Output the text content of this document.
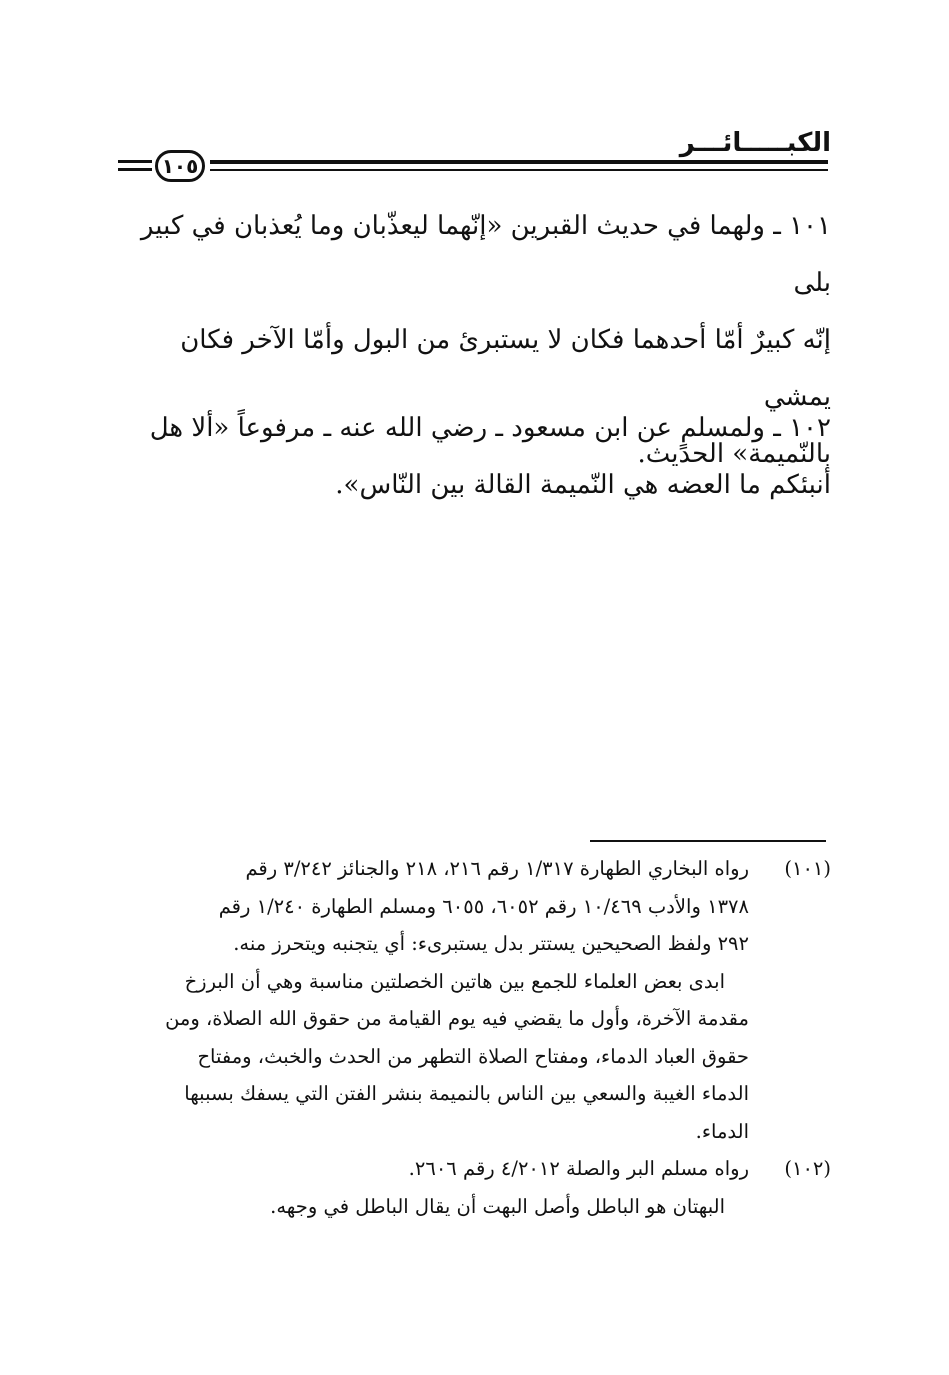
الكبـــــائـــر
١٠٥

١٠١ ـ ولهما في حديث القبرين «إنّهما ليعذّبان وما يُعذبان في كبير بلى

إنّه كبيرٌ أمّا أحدهما فكان لا يستبرئ من البول وأمّا الآخر فكان يمشي

بالنّميمة» الحديث.

١٠٢ ـ ولمسلمٍ عن ابن مسعود ـ رضي الله عنه ـ مرفوعاً «ألا هل

أنبئكم ما العضه هي النّميمة القالة بين النّاس».

(١٠١)
رواه البخاري الطهارة ١/٣١٧ رقم ٢١٦، ٢١٨ والجنائز ٣/٢٤٢ رقم
١٣٧٨ والأدب ١٠/٤٦٩ رقم ٦٠٥٢، ٦٠٥٥ ومسلم الطهارة ١/٢٤٠ رقم
٢٩٢ ولفظ الصحيحين يستتر بدل يستبرىء: أي يتجنبه ويتحرز منه.
ابدى بعض العلماء للجمع بين هاتين الخصلتين مناسبة وهي أن البرزخ
مقدمة الآخرة، وأول ما يقضي فيه يوم القيامة من حقوق الله الصلاة، ومن
حقوق العباد الدماء، ومفتاح الصلاة التطهر من الحدث والخبث، ومفتاح
الدماء الغيبة والسعي بين الناس بالنميمة بنشر الفتن التي يسفك بسببها
الدماء.
(١٠٢)
رواه مسلم البر والصلة ٤/٢٠١٢ رقم ٢٦٠٦.
البهتان هو الباطل وأصل البهت أن يقال الباطل في وجهه.
